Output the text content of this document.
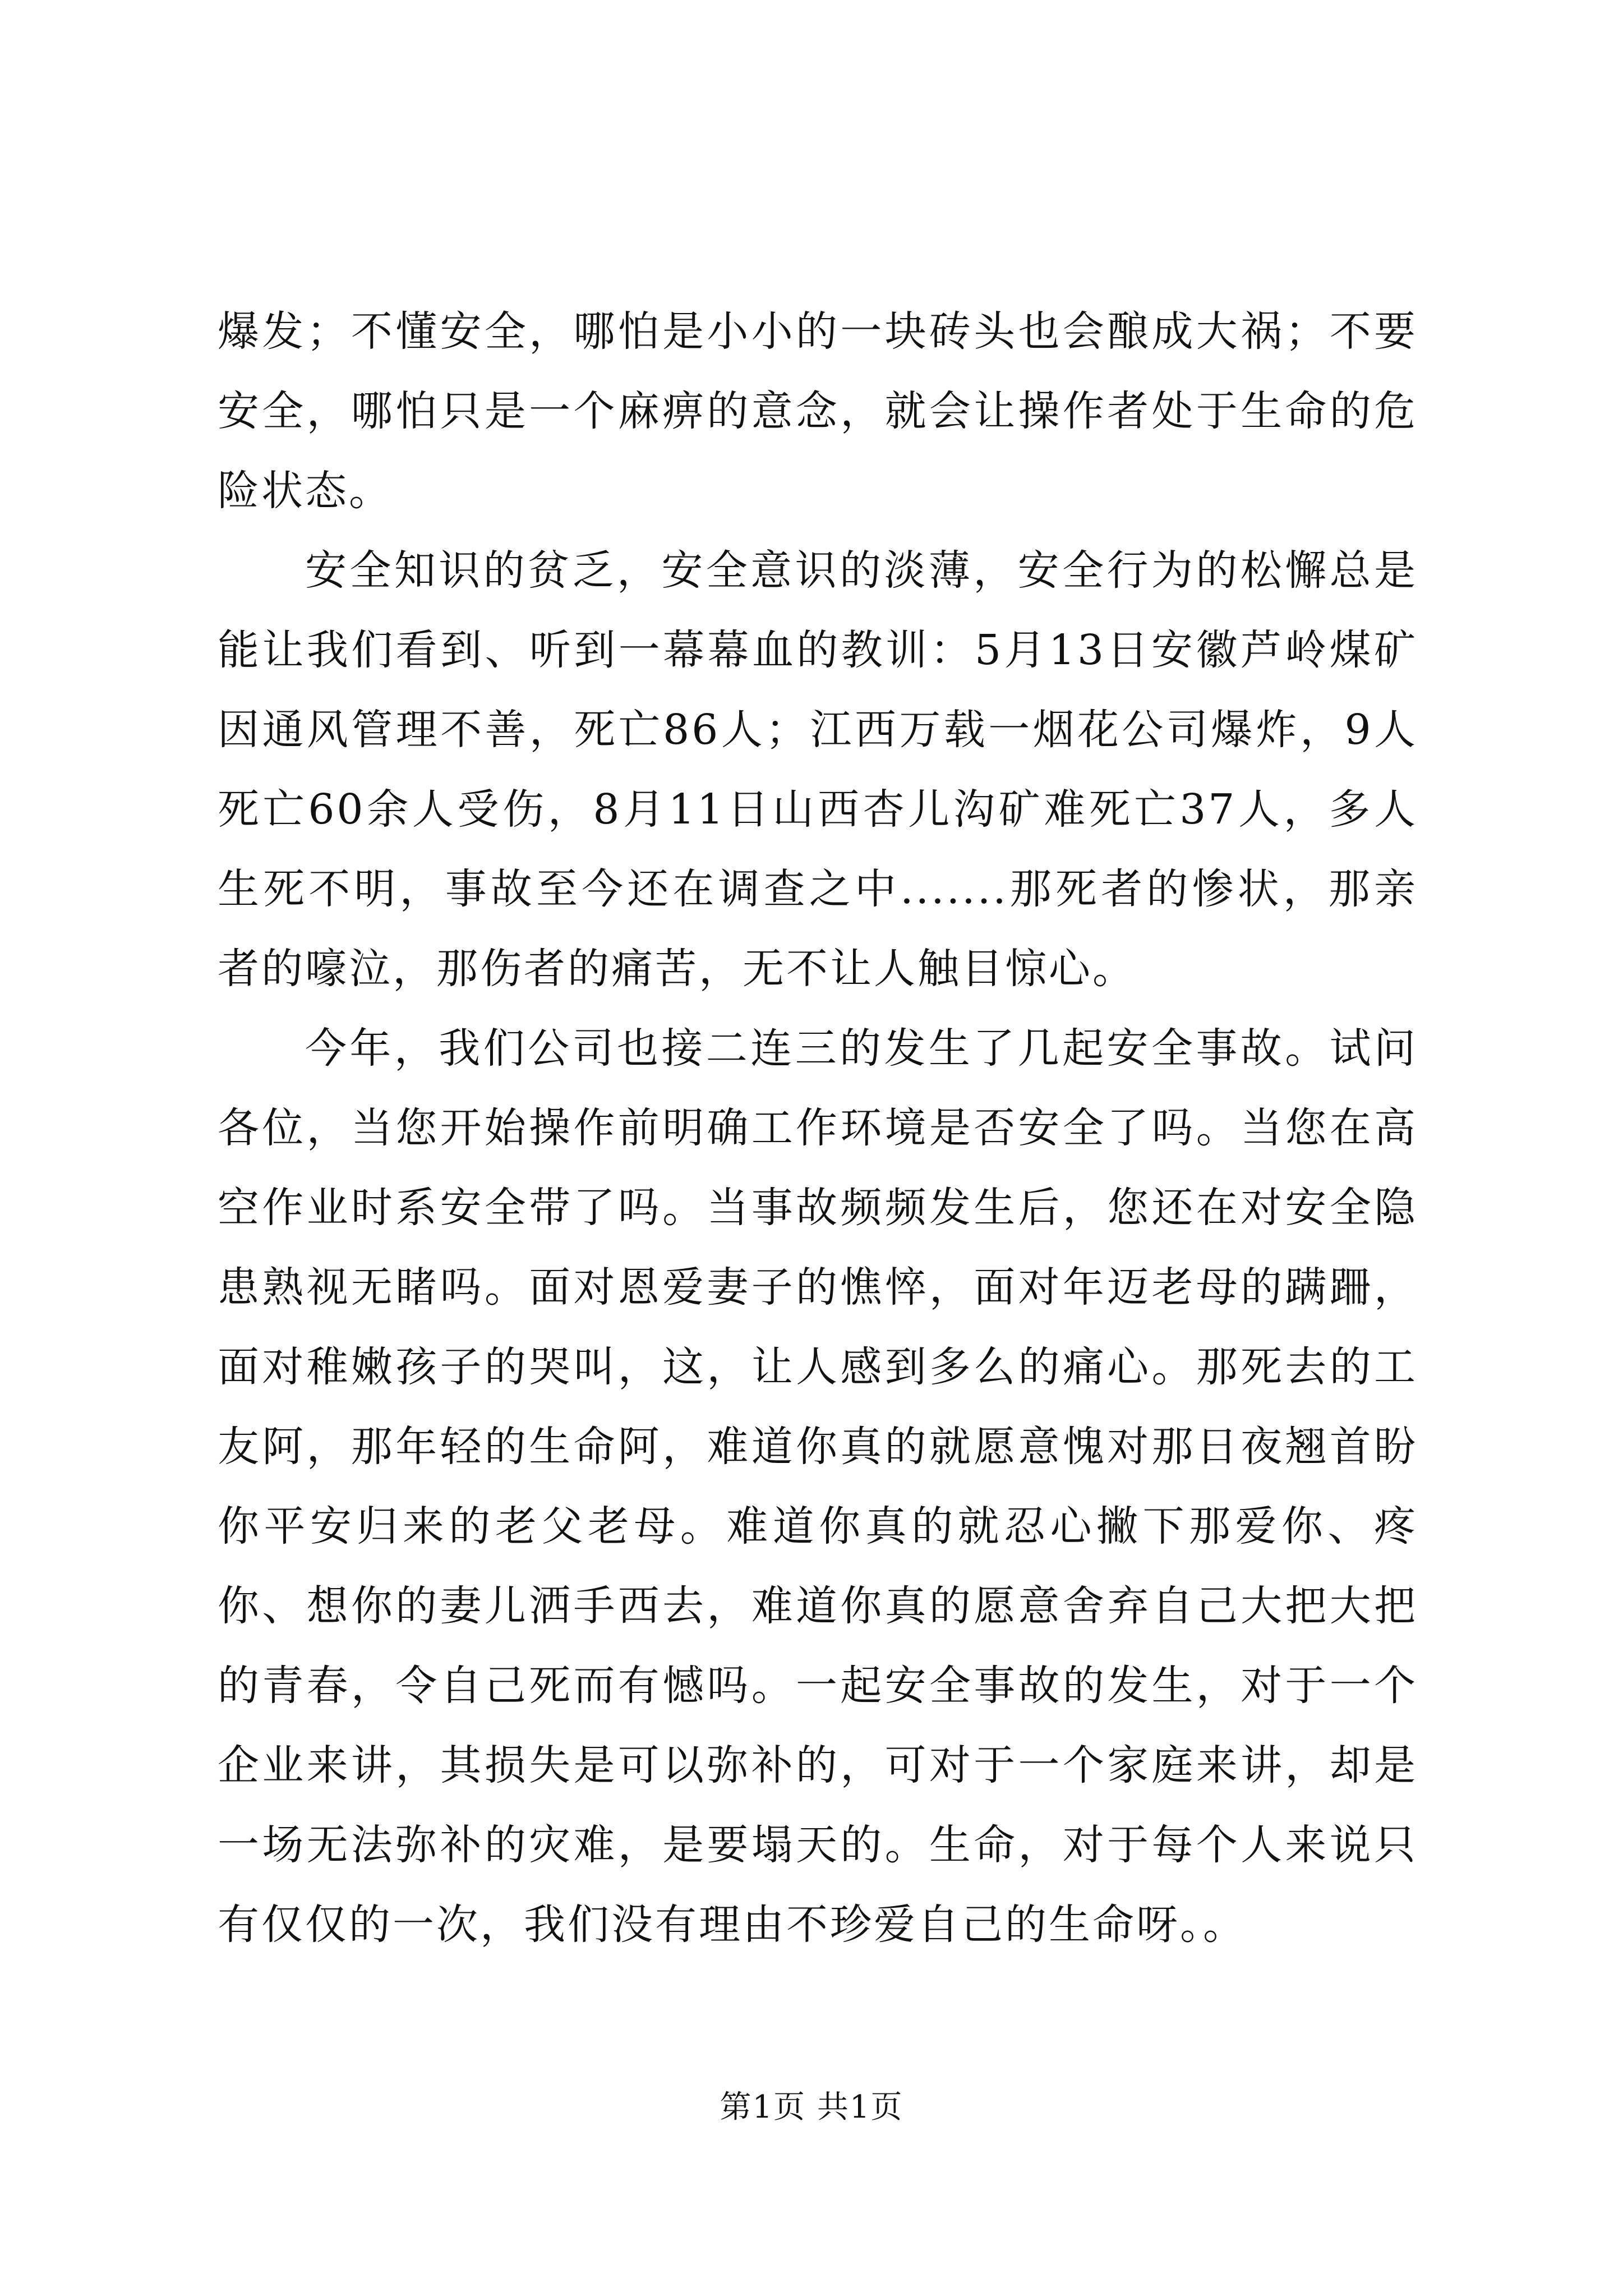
爆发；不懂安全，哪怕是小小的一块砖头也会酿成大祸；不要安全，哪怕只是一个麻痹的意念，就会让操作者处于生命的危险状态。

安全知识的贫乏，安全意识的淡薄，安全行为的松懈总是能让我们看到、听到一幕幕血的教训：5月13日安徽芦岭煤矿因通风管理不善，死亡86人；江西万载一烟花公司爆炸，9人死亡60余人受伤，8月11日山西杏儿沟矿难死亡37人，多人生死不明，事故至今还在调查之中.......那死者的惨状，那亲者的嚎泣，那伤者的痛苦，无不让人触目惊心。

今年，我们公司也接二连三的发生了几起安全事故。试问各位，当您开始操作前明确工作环境是否安全了吗。当您在高空作业时系安全带了吗。当事故频频发生后，您还在对安全隐患熟视无睹吗。面对恩爱妻子的憔悴，面对年迈老母的蹒跚，面对稚嫩孩子的哭叫，这，让人感到多么的痛心。那死去的工友阿，那年轻的生命阿，难道你真的就愿意愧对那日夜翘首盼你平安归来的老父老母。难道你真的就忍心撇下那爱你、疼你、想你的妻儿洒手西去，难道你真的愿意舍弃自己大把大把的青春，令自己死而有憾吗。一起安全事故的发生，对于一个企业来讲，其损失是可以弥补的，可对于一个家庭来讲，却是一场无法弥补的灾难，是要塌天的。生命，对于每个人来说只有仅仅的一次，我们没有理由不珍爱自己的生命呀。。

第1页 共1页
